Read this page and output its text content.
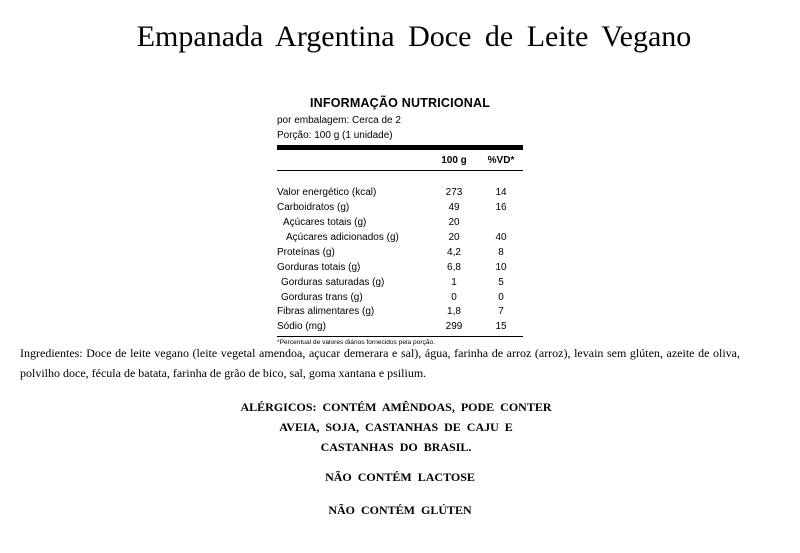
Empanada Argentina Doce de Leite Vegano
INFORMAÇÃO NUTRICIONAL
por embalagem: Cerca de 2
Porção: 100 g (1 unidade)
	100 g	%VD*

Valor energético (kcal)	273	14
Carboidratos (g)	49	16
Açúcares totais (g)	20	
Açúcares adicionados (g)	20	40
Proteínas (g)	4,2	8
Gorduras totais (g)	6,8	10
Gorduras saturadas (g)	1	5
Gorduras trans (g)	0	0
Fibras alimentares (g)	1,8	7
Sódio (mg)	299	15
*Percentual de valores diários fornecidos pela porção.
Ingredientes: Doce de leite vegano (leite vegetal amendoa, açucar demerara e sal), água, farinha de arroz (arroz), levain sem glúten, azeite de oliva, polvilho doce, fécula de batata, farinha de grão de bico, sal, goma xantana e psilium.
ALÉRGICOS: CONTÉM AMÊNDOAS, PODE CONTER AVEIA, SOJA, CASTANHAS DE CAJU E CASTANHAS DO BRASIL.
NÃO CONTÉM LACTOSE
NÃO CONTÉM GLÚTEN
